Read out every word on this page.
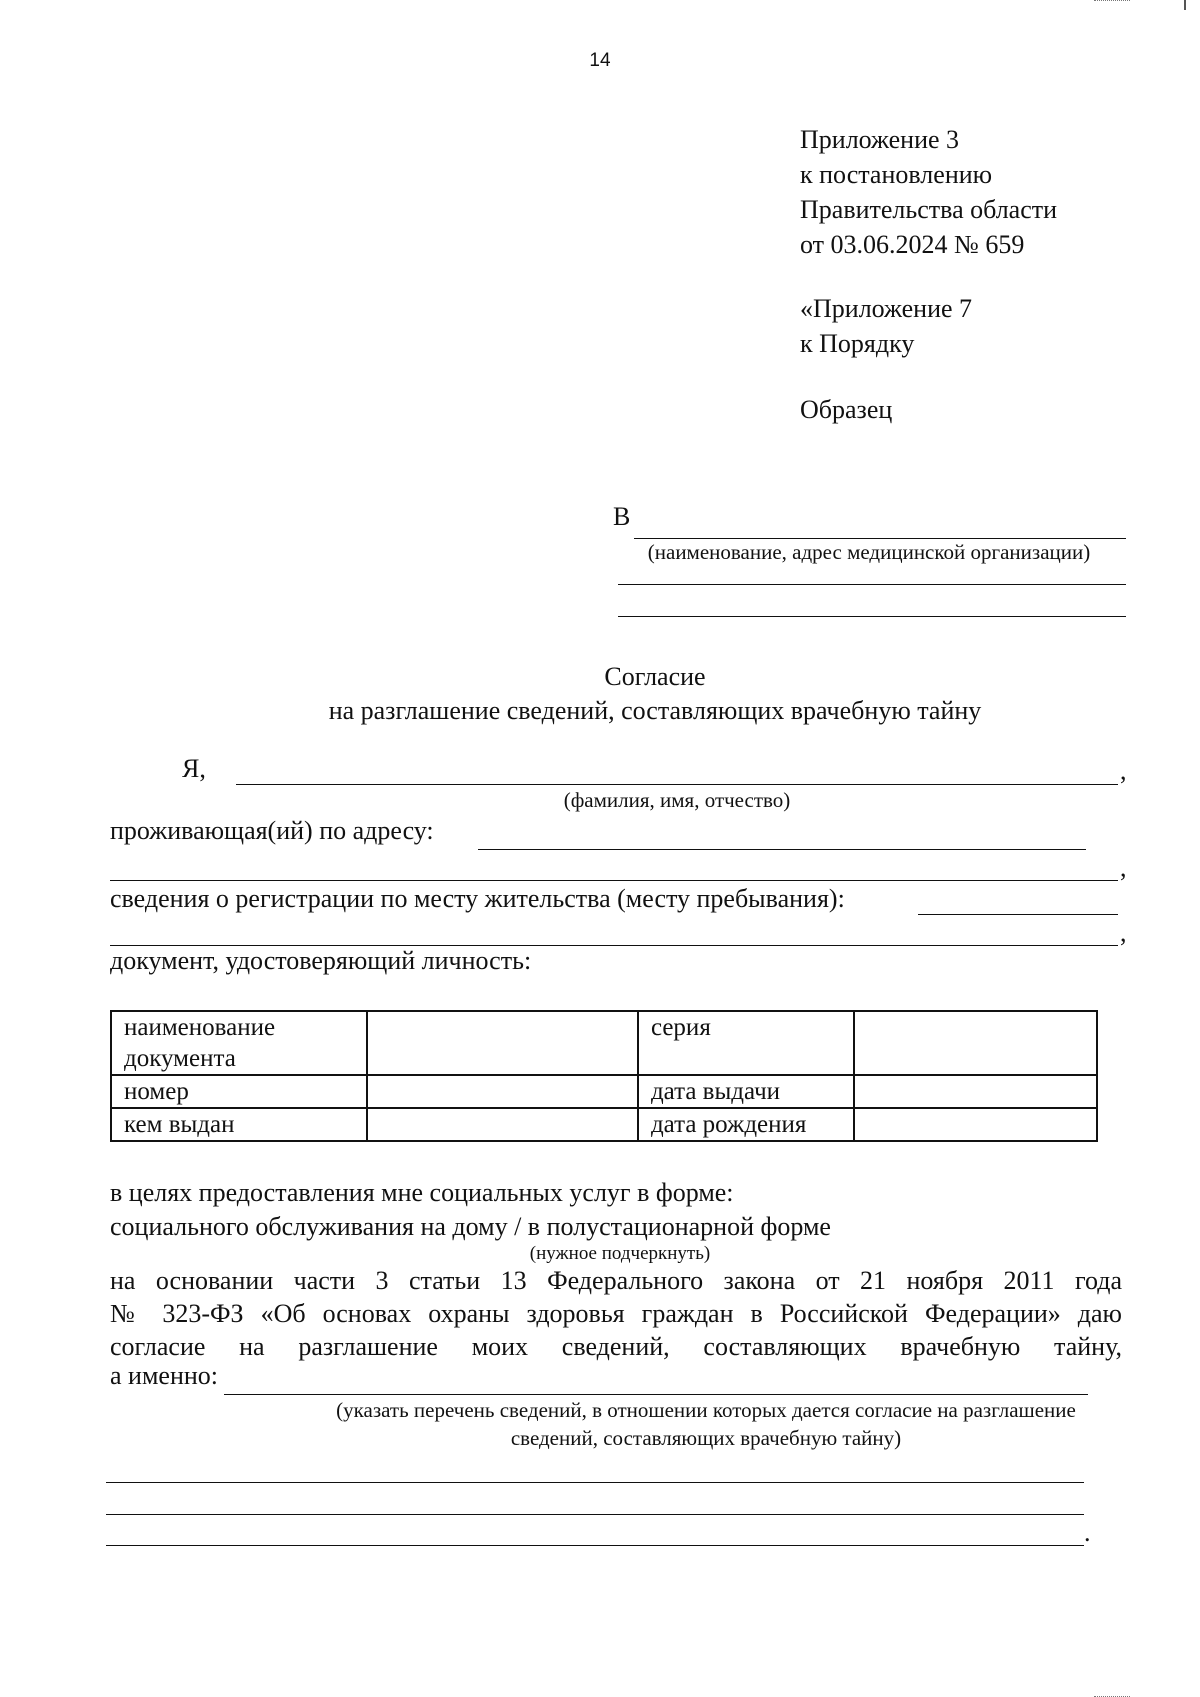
14
Приложение 3
к постановлению
Правительства области
от 03.06.2024 № 659
«Приложение 7
к Порядку
Образец
В
(наименование, адрес медицинской организации)
Согласие
на разглашение сведений, составляющих врачебную тайну
Я,	,
(фамилия, имя, отчество)
проживающая(ий) по адресу:
,
сведения о регистрации по месту жительства (месту пребывания):
,
документ, удостоверяющий личность:
наименование документа		серия	
номер		дата выдачи	
кем выдан		дата рождения	
в целях предоставления мне социальных услуг в форме:
социального обслуживания на дому / в полустационарной форме
(нужное подчеркнуть)
на основании части 3 статьи 13 Федерального закона от 21 ноября 2011 года
№ 323-ФЗ «Об основах охраны здоровья граждан в Российской Федерации» даю
согласие на разглашение моих сведений, составляющих врачебную тайну,
а именно:
(указать перечень сведений, в отношении которых дается согласие на разглашение
сведений, составляющих врачебную тайну)
.
